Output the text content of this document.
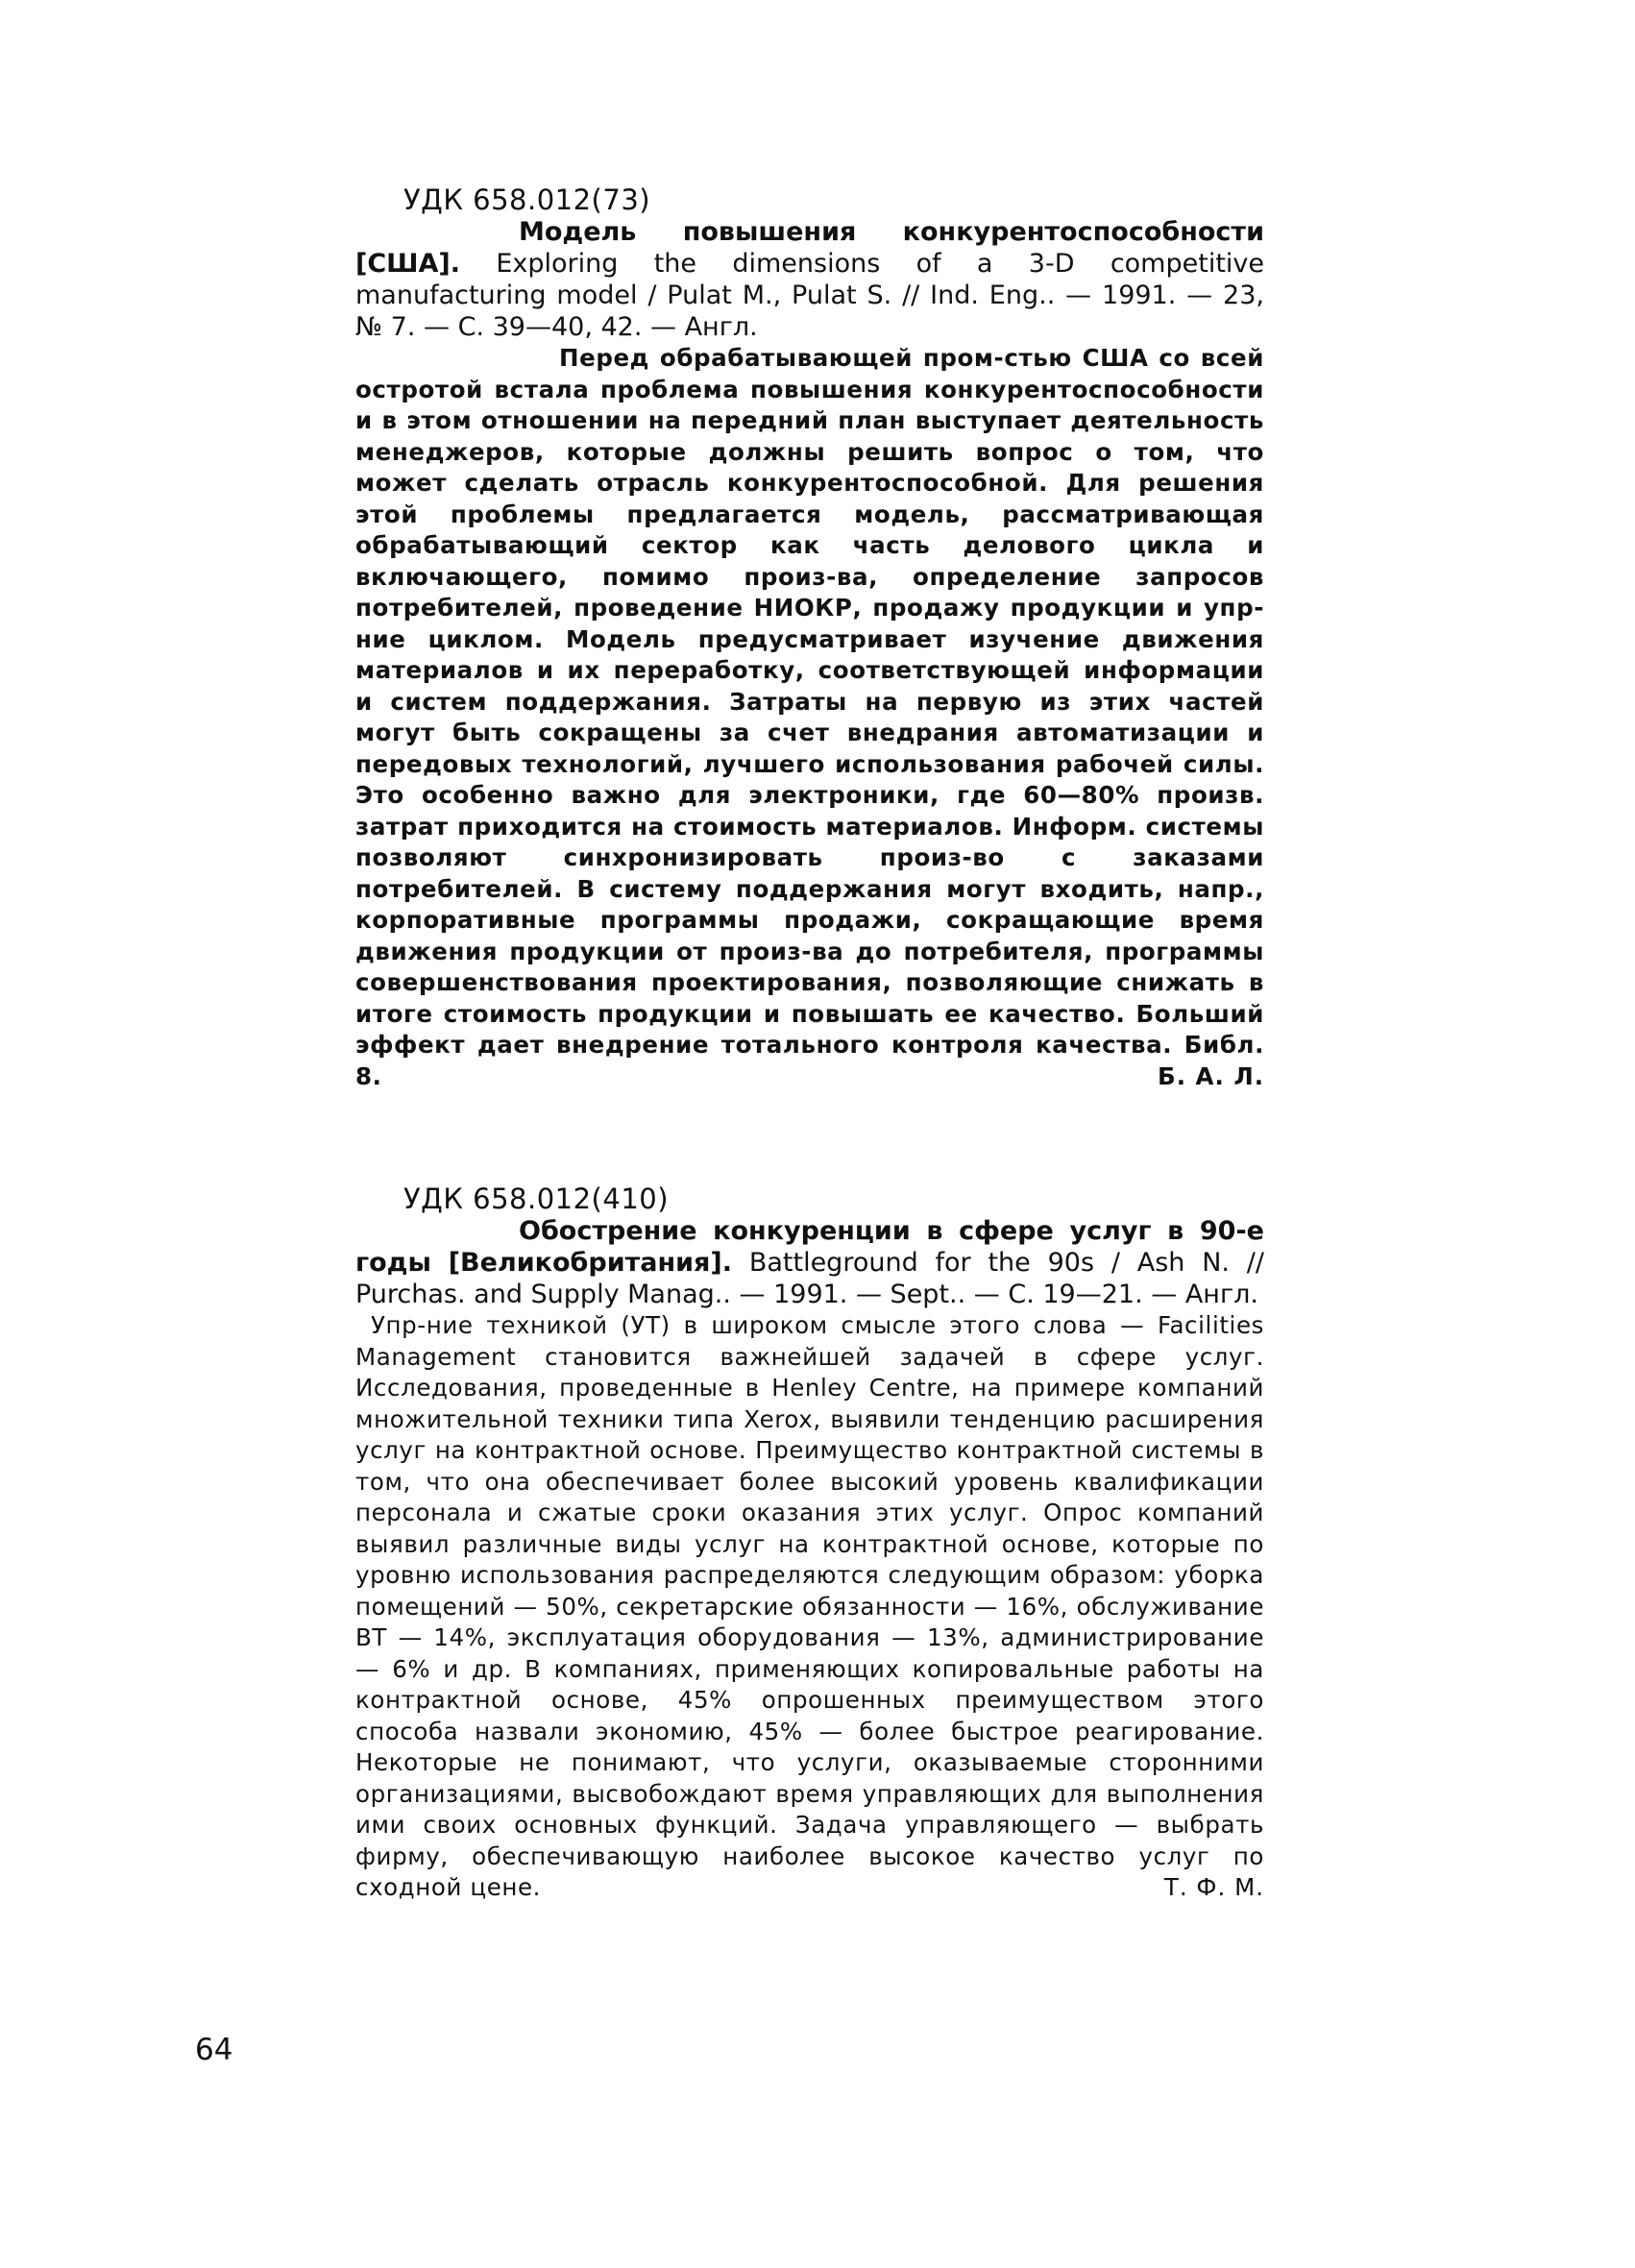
УДК 658.012(73)

Модель повышения конкурентоспособности [США]. Exploring the dimensions of a 3-D competitive manufacturing model / Pulat M., Pulat S. // Ind. Eng.. — 1991. — 23, № 7. — С. 39—40, 42. — Англ.

Перед обрабатывающей пром-стью США со всей остротой встала проблема повышения конкурентоспособности и в этом отношении на передний план выступает деятельность менеджеров, которые должны решить вопрос о том, что может сделать отрасль конкурентоспособной. Для решения этой проблемы предлагается модель, рассматривающая обрабатывающий сектор как часть делового цикла и включающего, помимо произ-ва, определение запросов потребителей, проведение НИОКР, продажу продукции и упр-ние циклом. Модель предусматривает изучение движения материалов и их переработку, соответствующей информации и систем поддержания. Затраты на первую из этих частей могут быть сокращены за счет внедрания автоматизации и передовых технологий, лучшего использования рабочей силы. Это особенно важно для электроники, где 60—80% произв. затрат приходится на стоимость материалов. Информ. системы позволяют синхронизировать произ-во с заказами потребителей. В систему поддержания могут входить, напр., корпоративные программы продажи, сокращающие время движения продукции от произ-ва до потребителя, программы совершенствования проектирования, позволяющие снижать в итоге стоимость продукции и повышать ее качество. Больший эффект дает внедрение тотального контроля качества. Библ. 8.	Б. А. Л.

УДК 658.012(410)

Обострение конкуренции в сфере услуг в 90-е годы [Великобритания]. Battleground for the 90s / Ash N. // Purchas. and Supply Manag.. — 1991. — Sept.. — С. 19—21. — Англ.

Упр-ние техникой (УТ) в широком смысле этого слова — Facilities Management становится важнейшей задачей в сфере услуг. Исследования, проведенные в Henley Centre, на примере компаний множительной техники типа Xerox, выявили тенденцию расширения услуг на контрактной основе. Преимущество контрактной системы в том, что она обеспечивает более высокий уровень квалификации персонала и сжатые сроки оказания этих услуг. Опрос компаний выявил различные виды услуг на контрактной основе, которые по уровню использования распределяются следующим образом: уборка помещений — 50%, секретарские обязанности — 16%, обслуживание ВТ — 14%, эксплуатация оборудования — 13%, администрирование — 6% и др. В компаниях, применяющих копировальные работы на контрактной основе, 45% опрошенных преимуществом этого способа назвали экономию, 45% — более быстрое реагирование. Некоторые не понимают, что услуги, оказываемые сторонними организациями, высвобождают время управляющих для выполнения ими своих основных функций. Задача управляющего — выбрать фирму, обеспечивающую наиболее высокое качество услуг по сходной цене.	Т. Ф. М.

64
